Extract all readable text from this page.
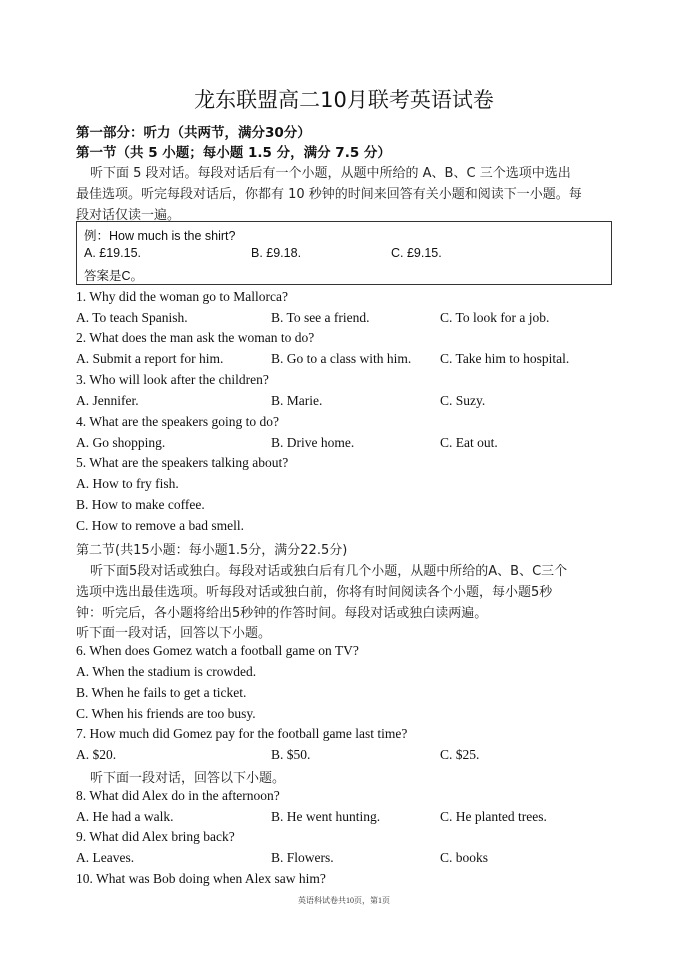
龙东联盟高二10月联考英语试卷
第一部分：听力（共两节，满分30分）
第一节（共 5 小题；每小题 1.5 分，满分 7.5 分）
听下面 5 段对话。每段对话后有一个小题，从题中所给的 A、B、C 三个选项中选出
最佳选项。听完每段对话后，你都有 10 秒钟的时间来回答有关小题和阅读下一小题。每
段对话仅读一遍。
例：How much is the shirt?
A. £19.15.	B. £9.18.	C. £9.15.
答案是C。
1. Why did the woman go to Mallorca?
A. To teach Spanish.	B. To see a friend.	C. To look for a job.
2. What does the man ask the woman to do?
A. Submit a report for him.	B. Go to a class with him. C. Take him to hospital.
3. Who will look after the children?
A. Jennifer.	B. Marie.	C. Suzy.
4. What are the speakers going to do?
A. Go shopping.	B. Drive home.	C. Eat out.
5. What are the speakers talking about?
A. How to fry fish.
B. How to make coffee.
C. How to remove a bad smell.
第二节(共15小题：每小题1.5分，满分22.5分)
听下面5段对话或独白。每段对话或独白后有几个小题，从题中所给的A、B、C三个
选项中选出最佳选项。听每段对话或独白前，你将有时间阅读各个小题，每小题5秒
钟：听完后，各小题将给出5秒钟的作答时间。每段对话或独白读两遍。
听下面一段对话，回答以下小题。
6. When does Gomez watch a football game on TV?
A. When the stadium is crowded.
B. When he fails to get a ticket.
C. When his friends are too busy.
7. How much did Gomez pay for the football game last time?
A. $20.	B. $50.	C. $25.
听下面一段对话，回答以下小题。
8. What did Alex do in the afternoon?
A. He had a walk.	B. He went hunting.	C. He planted trees.
9. What did Alex bring back?
A. Leaves.	B. Flowers.	C. books
10. What was Bob doing when Alex saw him?
英语科试卷共10页，第1页
